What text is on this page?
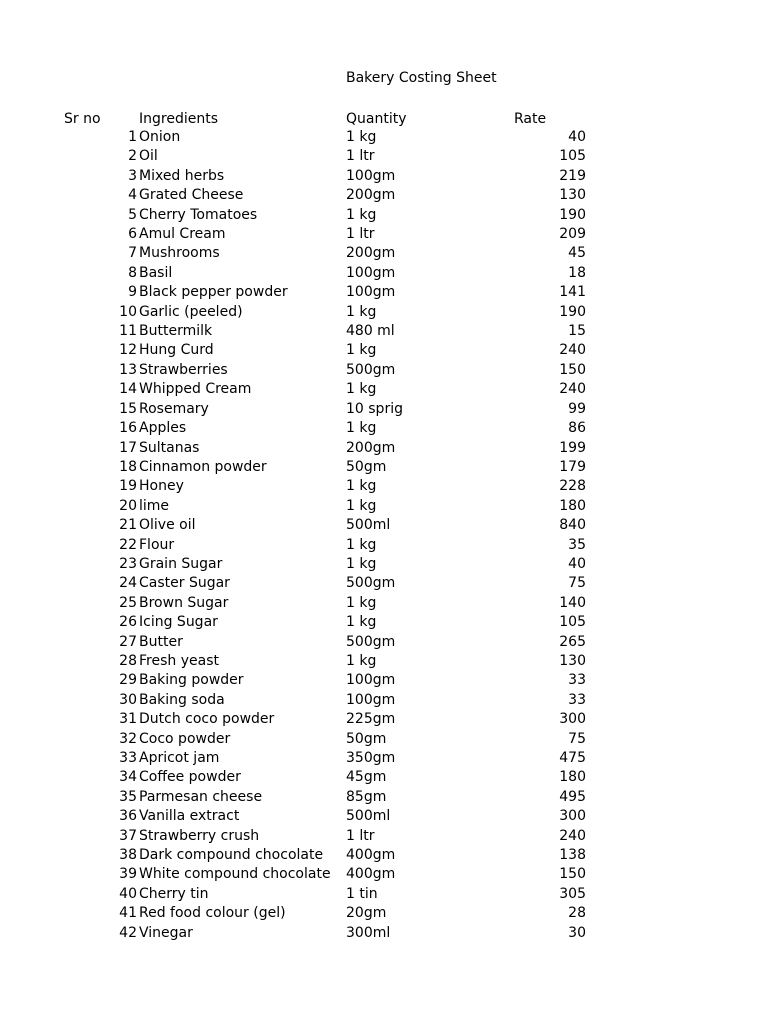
Bakery Costing Sheet
Sr no	Ingredients	Quantity	Rate
1 Onion	1 kg	40
2 Oil	1 ltr	105
3 Mixed herbs	100gm	219
4 Grated Cheese	200gm	130
5 Cherry Tomatoes	1 kg	190
6 Amul Cream	1 ltr	209
7 Mushrooms	200gm	45
8 Basil	100gm	18
9 Black pepper powder	100gm	141
10 Garlic (peeled)	1 kg	190
11 Buttermilk	480 ml	15
12 Hung Curd	1 kg	240
13 Strawberries	500gm	150
14 Whipped Cream	1 kg	240
15 Rosemary	10 sprig	99
16 Apples	1 kg	86
17 Sultanas	200gm	199
18 Cinnamon powder	50gm	179
19 Honey	1 kg	228
20 lime	1 kg	180
21 Olive oil	500ml	840
22 Flour	1 kg	35
23 Grain Sugar	1 kg	40
24 Caster Sugar	500gm	75
25 Brown Sugar	1 kg	140
26 Icing Sugar	1 kg	105
27 Butter	500gm	265
28 Fresh yeast	1 kg	130
29 Baking powder	100gm	33
30 Baking soda	100gm	33
31 Dutch coco powder	225gm	300
32 Coco powder	50gm	75
33 Apricot jam	350gm	475
34 Coffee powder	45gm	180
35 Parmesan cheese	85gm	495
36 Vanilla extract	500ml	300
37 Strawberry crush	1 ltr	240
38 Dark compound chocolate 400gm	138
39 White compound chocolate 400gm	150
40 Cherry tin	1 tin	305
41 Red food colour (gel)	20gm	28
42 Vinegar	300ml	30
